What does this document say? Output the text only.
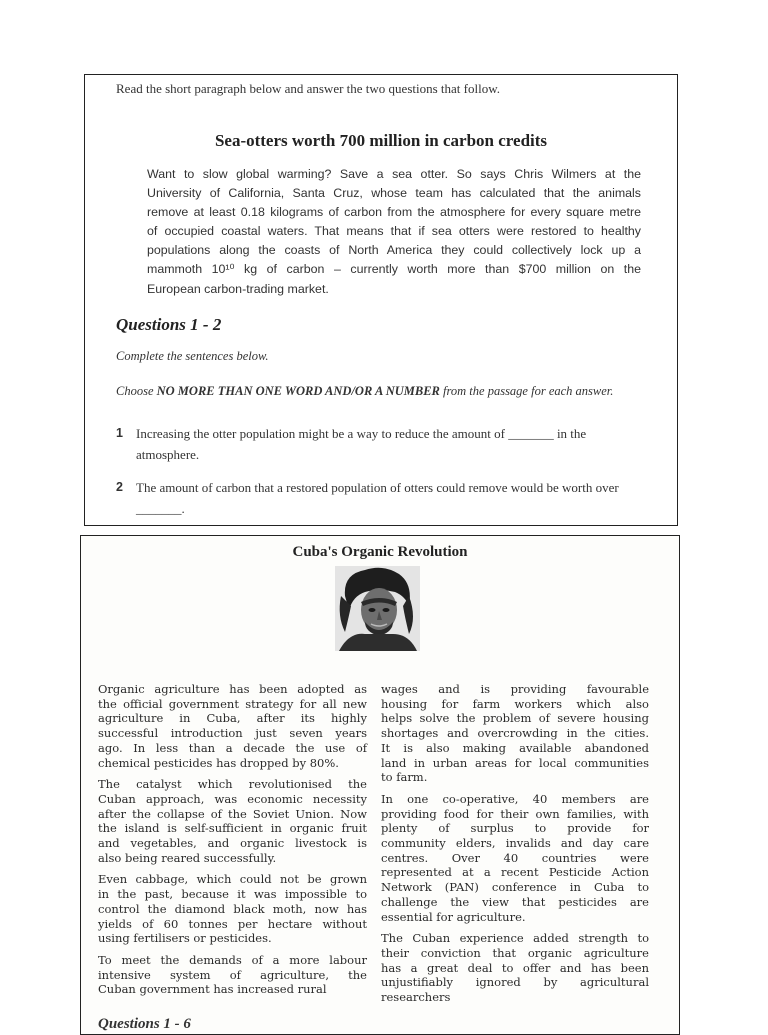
Read the short paragraph below and answer the two questions that follow.
Sea-otters worth 700 million in carbon credits
Want to slow global warming? Save a sea otter. So says Chris Wilmers at the
University of California, Santa Cruz, whose team has calculated that the animals
remove at least 0.18 kilograms of carbon from the atmosphere for every square metre
of occupied coastal waters. That means that if sea otters were restored to healthy
populations along the coasts of North America they could collectively lock up a
mammoth 10¹⁰ kg of carbon – currently worth more than $700 million on the
European carbon-trading market.
Questions 1 - 2
Complete the sentences below.
Choose NO MORE THAN ONE WORD AND/OR A NUMBER from the passage for each answer.
1 Increasing the otter population might be a way to reduce the amount of _______ in the
atmosphere.
2 The amount of carbon that a restored population of otters could remove would be worth over
_______.
Cuba's Organic Revolution
Organic agriculture has been adopted as
the official government strategy for all new
agriculture in Cuba, after its highly
successful introduction just seven years
ago. In less than a decade the use of
chemical pesticides has dropped by 80%.
The catalyst which revolutionised the
Cuban approach, was economic necessity
after the collapse of the Soviet Union. Now
the island is self-sufficient in organic fruit
and vegetables, and organic livestock is
also being reared successfully.
Even cabbage, which could not be grown
in the past, because it was impossible to
control the diamond black moth, now has
yields of 60 tonnes per hectare without
using fertilisers or pesticides.
To meet the demands of a more labour
intensive system of agriculture, the
Cuban government has increased rural
wages and is providing favourable
housing for farm workers which also
helps solve the problem of severe housing
shortages and overcrowding in the cities.
It is also making available abandoned
land in urban areas for local communities
to farm.
In one co-operative, 40 members are
providing food for their own families, with
plenty of surplus to provide for
community elders, invalids and day care
centres. Over 40 countries were
represented at a recent Pesticide Action
Network (PAN) conference in Cuba to
challenge the view that pesticides are
essential for agriculture.
The Cuban experience added strength to
their conviction that organic agriculture
has a great deal to offer and has been
unjustifiably ignored by agricultural
researchers
Questions 1 - 6
